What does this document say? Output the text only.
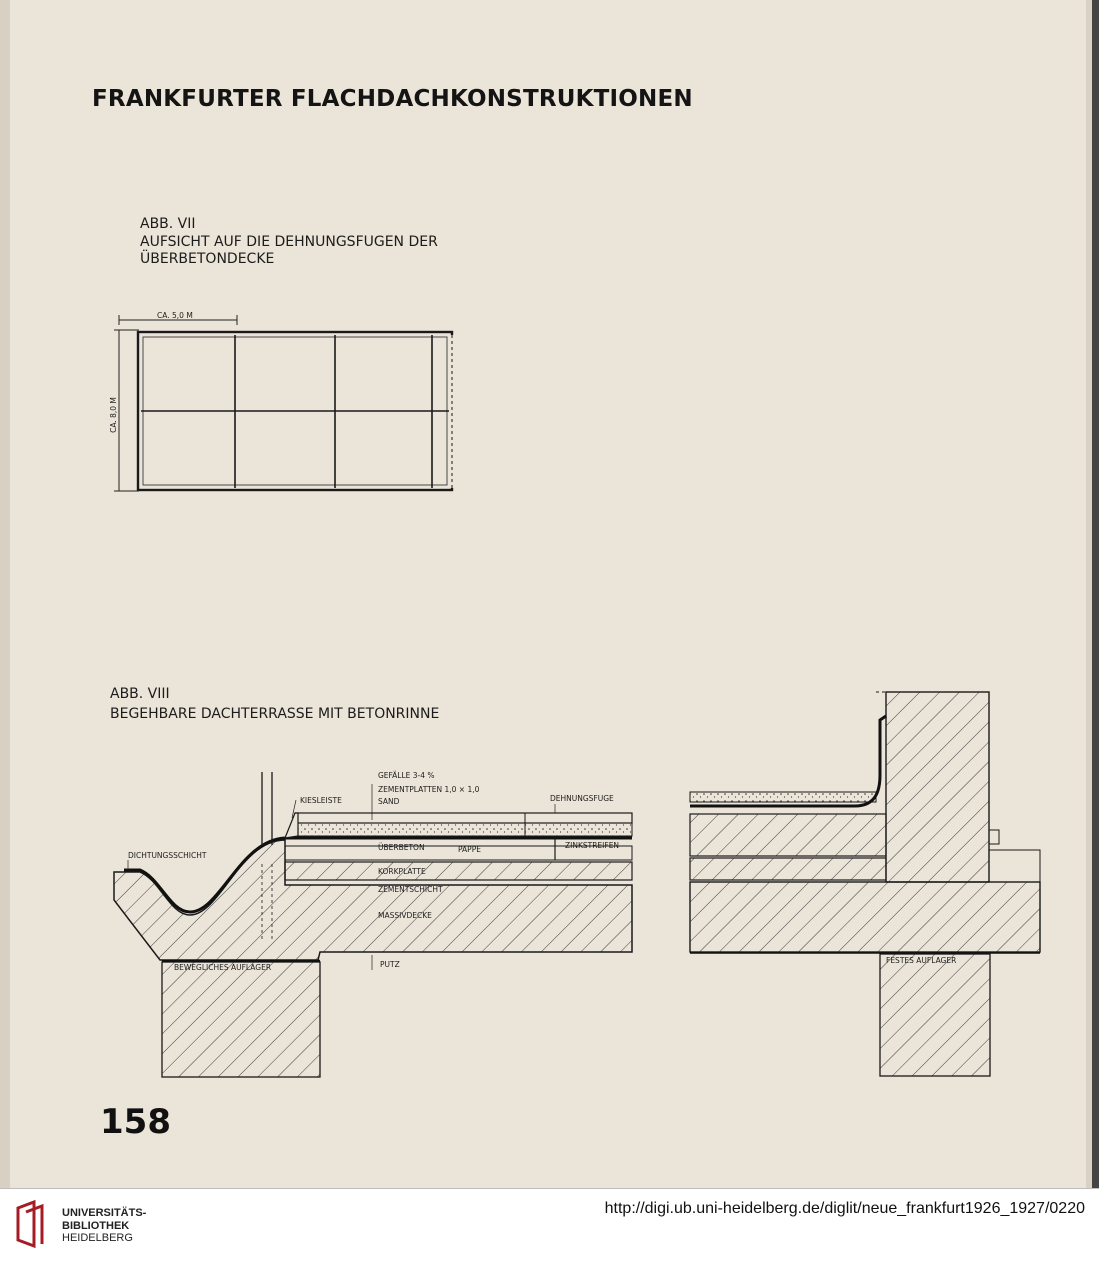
FRANKFURTER FLACHDACHKONSTRUKTIONEN
ABB. VII
AUFSICHT AUF DIE DEHNUNGSFUGEN DER
ÜBERBETONDECKE
CA. 5,0 M
CA. 8,0 M
ABB. VIII
BEGEHBARE DACHTERRASSE MIT BETONRINNE
GEFÄLLE 3-4 %
ZEMENTPLATTEN 1,0 × 1,0
SAND
KIESLEISTE	DEHNUNGSFUGE
DICHTUNGSSCHICHT
ÜBERBETON	PAPPE	ZINKSTREIFEN
KORKPLATTE
ZEMENTSCHICHT
MASSIVDECKE
BEWEGLICHES AUFLAGER	PUTZ	FESTES AUFLAGER
158
UNIVERSITÄTS-
BIBLIOTHEK
HEIDELBERG
http://digi.ub.uni-heidelberg.de/diglit/neue_frankfurt1926_1927/0220
